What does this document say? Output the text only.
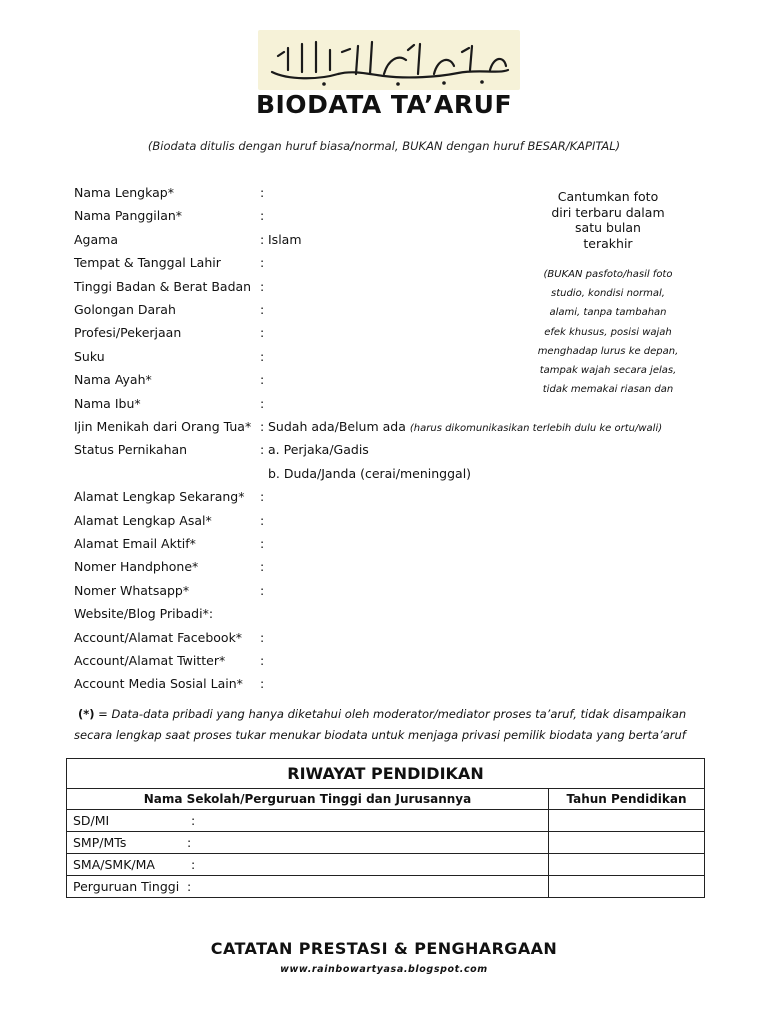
بِسْمِ اللهِ الرَّحْمٰنِ الرَّحِيْمِ
BIODATA TA’ARUF
(Biodata ditulis dengan huruf biasa/normal, BUKAN dengan huruf BESAR/KAPITAL)
Nama Lengkap*	:
Nama Panggilan*	:
Agama	: Islam
Tempat & Tanggal Lahir	:
Tinggi Badan & Berat Badan :
Golongan Darah	:
Profesi/Pekerjaan	:
Suku	:
Nama Ayah*	:
Nama Ibu*	:
Ijin Menikah dari Orang Tua* : Sudah ada/Belum ada (harus dikomunikasikan terlebih dulu ke ortu/wali)
Status Pernikahan	: a. Perjaka/Gadis
b. Duda/Janda (cerai/meninggal)
Alamat Lengkap Sekarang* :
Alamat Lengkap Asal*	:
Alamat Email Aktif*	:
Nomer Handphone*	:
Nomer Whatsapp*	:
Website/Blog Pribadi*:
Account/Alamat Facebook* :
Account/Alamat Twitter*	:
Account Media Sosial Lain* :
Cantumkan foto
diri terbaru dalam
satu bulan
terakhir
(BUKAN pasfoto/hasil foto
studio, kondisi normal,
alami, tanpa tambahan
efek khusus, posisi wajah
menghadap lurus ke depan,
tampak wajah secara jelas,
tidak memakai riasan dan
(*) = Data-data pribadi yang hanya diketahui oleh moderator/mediator proses ta’aruf, tidak disampaikan
secara lengkap saat proses tukar menukar biodata untuk menjaga privasi pemilik biodata yang berta’aruf
RIWAYAT PENDIDIKAN	
Nama Sekolah/Perguruan Tinggi dan Jurusannya	Tahun Pendidikan
SD/MI :	

SMP/MTs :	

SMA/SMK/MA :	

Perguruan Tinggi :	

CATATAN PRESTASI & PENGHARGAAN
www.rainbowartyasa.blogspot.com
